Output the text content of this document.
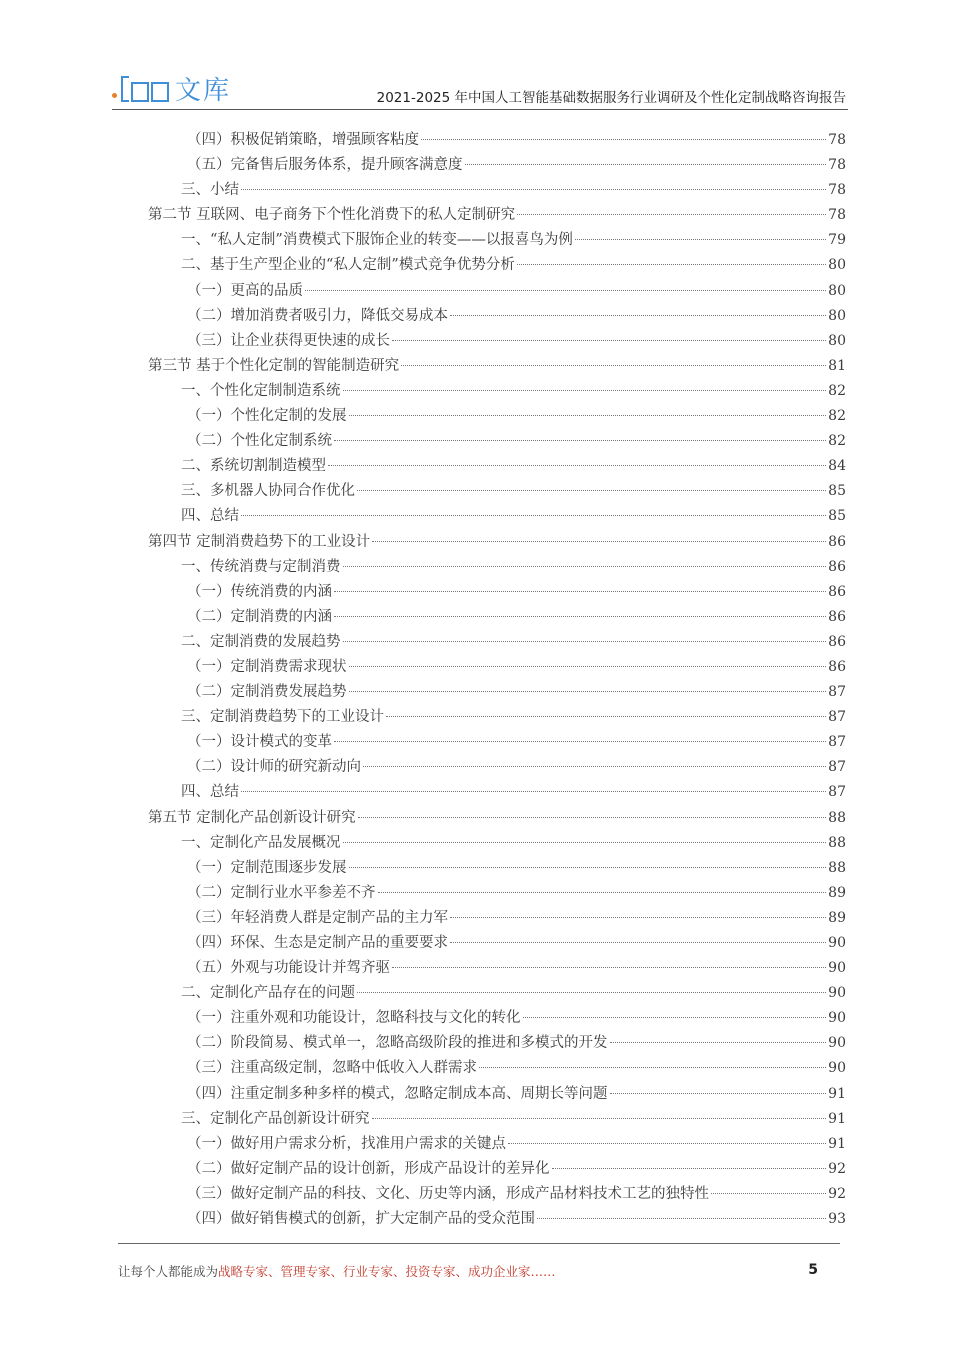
文库	2021-2025 年中国人工智能基础数据服务行业调研及个性化定制战略咨询报告
（四）积极促销策略，增强顾客粘度	78
（五）完备售后服务体系，提升顾客满意度	78
三、小结	78
第二节 互联网、电子商务下个性化消费下的私人定制研究	78
一、“私人定制”消费模式下服饰企业的转变——以报喜鸟为例	79
二、基于生产型企业的“私人定制”模式竞争优势分析	80
（一）更高的品质	80
（二）增加消费者吸引力，降低交易成本	80
（三）让企业获得更快速的成长	80
第三节 基于个性化定制的智能制造研究	81
一、个性化定制制造系统	82
（一）个性化定制的发展	82
（二）个性化定制系统	82
二、系统切割制造模型	84
三、多机器人协同合作优化	85
四、总结	85
第四节 定制消费趋势下的工业设计	86
一、传统消费与定制消费	86
（一）传统消费的内涵	86
（二）定制消费的内涵	86
二、定制消费的发展趋势	86
（一）定制消费需求现状	86
（二）定制消费发展趋势	87
三、定制消费趋势下的工业设计	87
（一）设计模式的变革	87
（二）设计师的研究新动向	87
四、总结	87
第五节 定制化产品创新设计研究	88
一、定制化产品发展概况	88
（一）定制范围逐步发展	88
（二）定制行业水平参差不齐	89
（三）年轻消费人群是定制产品的主力军	89
（四）环保、生态是定制产品的重要要求	90
（五）外观与功能设计并驾齐驱	90
二、定制化产品存在的问题	90
（一）注重外观和功能设计，忽略科技与文化的转化	90
（二）阶段简易、模式单一，忽略高级阶段的推进和多模式的开发	90
（三）注重高级定制，忽略中低收入人群需求	90
（四）注重定制多种多样的模式，忽略定制成本高、周期长等问题	91
三、定制化产品创新设计研究	91
（一）做好用户需求分析，找准用户需求的关键点	91
（二）做好定制产品的设计创新，形成产品设计的差异化	92
（三）做好定制产品的科技、文化、历史等内涵，形成产品材料技术工艺的独特性	92
（四）做好销售模式的创新，扩大定制产品的受众范围	93
让每个人都能成为战略专家、管理专家、行业专家、投资专家、成功企业家……	5
